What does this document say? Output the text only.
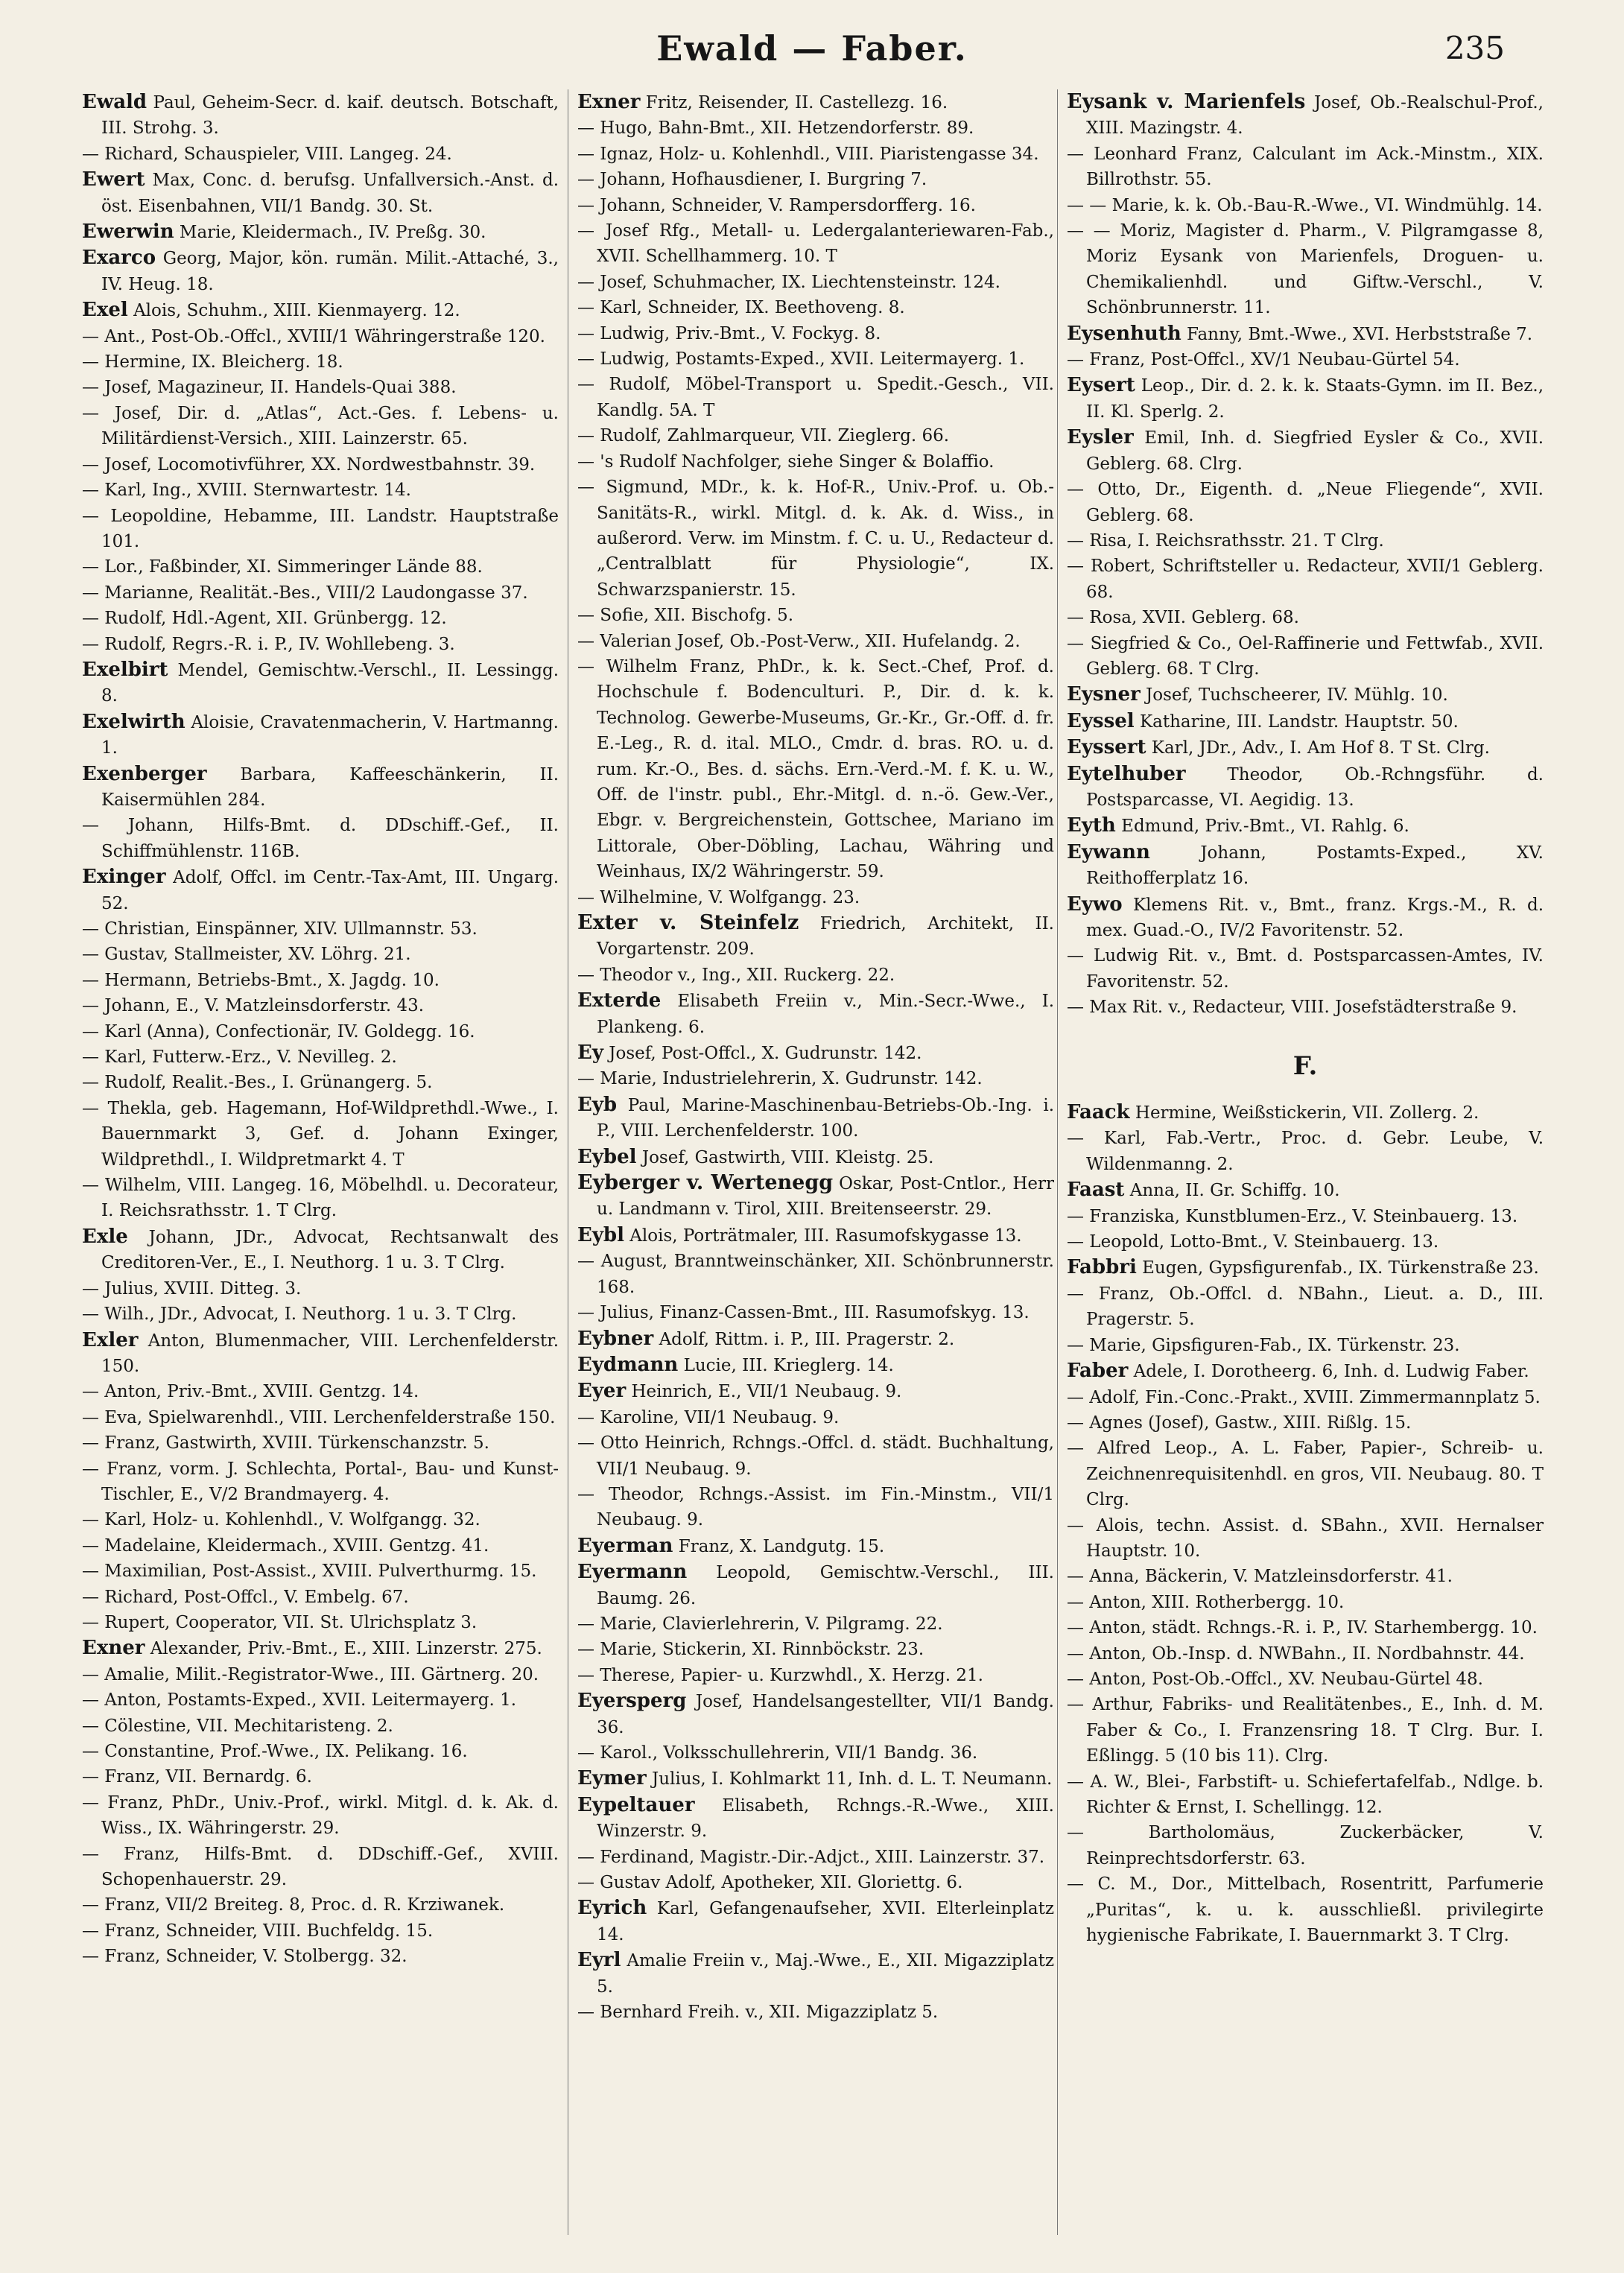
Ewald — Faber.	235

Ewald Paul, Geheim-Secr. d. kaif. deutsch. Botschaft, III. Strohg. 3.

— Richard, Schauspieler, VIII. Langeg. 24.

Ewert Max, Conc. d. berufsg. Unfallversich.-Anst. d. öst. Eisenbahnen, VII/1 Bandg. 30. St.

Ewerwin Marie, Kleidermach., IV. Preßg. 30.

Exarco Georg, Major, kön. rumän. Milit.-Attaché, 3., IV. Heug. 18.

Exel Alois, Schuhm., XIII. Kienmayerg. 12.

— Ant., Post-Ob.-Offcl., XVIII/1 Währingerstraße 120.

— Hermine, IX. Bleicherg. 18.

— Josef, Magazineur, II. Handels-Quai 388.

— Josef, Dir. d. „Atlas“, Act.-Ges. f. Lebens- u. Militärdienst-Versich., XIII. Lainzerstr. 65.

— Josef, Locomotivführer, XX. Nordwestbahnstr. 39.

— Karl, Ing., XVIII. Sternwartestr. 14.

— Leopoldine, Hebamme, III. Landstr. Hauptstraße 101.

— Lor., Faßbinder, XI. Simmeringer Lände 88.

— Marianne, Realität.-Bes., VIII/2 Laudongasse 37.

— Rudolf, Hdl.-Agent, XII. Grünbergg. 12.

— Rudolf, Regrs.-R. i. P., IV. Wohllebeng. 3.

Exelbirt Mendel, Gemischtw.-Verschl., II. Lessingg. 8.

Exelwirth Aloisie, Cravatenmacherin, V. Hartmanng. 1.

Exenberger Barbara, Kaffeeschänkerin, II. Kaisermühlen 284.

— Johann, Hilfs-Bmt. d. DDschiff.-Gef., II. Schiffmühlenstr. 116B.

Exinger Adolf, Offcl. im Centr.-Tax-Amt, III. Ungarg. 52.

— Christian, Einspänner, XIV. Ullmannstr. 53.

— Gustav, Stallmeister, XV. Löhrg. 21.

— Hermann, Betriebs-Bmt., X. Jagdg. 10.

— Johann, E., V. Matzleinsdorferstr. 43.

— Karl (Anna), Confectionär, IV. Goldegg. 16.

— Karl, Futterw.-Erz., V. Nevilleg. 2.

— Rudolf, Realit.-Bes., I. Grünangerg. 5.

— Thekla, geb. Hagemann, Hof-Wildprethdl.-Wwe., I. Bauernmarkt 3, Gef. d. Johann Exinger, Wildprethdl., I. Wildpretmarkt 4. T

— Wilhelm, VIII. Langeg. 16, Möbelhdl. u. Decorateur, I. Reichsrathsstr. 1. T Clrg.

Exle Johann, JDr., Advocat, Rechtsanwalt des Creditoren-Ver., E., I. Neuthorg. 1 u. 3. T Clrg.

— Julius, XVIII. Ditteg. 3.

— Wilh., JDr., Advocat, I. Neuthorg. 1 u. 3. T Clrg.

Exler Anton, Blumenmacher, VIII. Lerchenfelderstr. 150.

— Anton, Priv.-Bmt., XVIII. Gentzg. 14.

— Eva, Spielwarenhdl., VIII. Lerchenfelderstraße 150.

— Franz, Gastwirth, XVIII. Türkenschanzstr. 5.

— Franz, vorm. J. Schlechta, Portal-, Bau- und Kunst-Tischler, E., V/2 Brandmayerg. 4.

— Karl, Holz- u. Kohlenhdl., V. Wolfgangg. 32.

— Madelaine, Kleidermach., XVIII. Gentzg. 41.

— Maximilian, Post-Assist., XVIII. Pulverthurmg. 15.

— Richard, Post-Offcl., V. Embelg. 67.

— Rupert, Cooperator, VII. St. Ulrichsplatz 3.

Exner Alexander, Priv.-Bmt., E., XIII. Linzerstr. 275.

— Amalie, Milit.-Registrator-Wwe., III. Gärtnerg. 20.

— Anton, Postamts-Exped., XVII. Leitermayerg. 1.

— Cölestine, VII. Mechitaristeng. 2.

— Constantine, Prof.-Wwe., IX. Pelikang. 16.

— Franz, VII. Bernardg. 6.

— Franz, PhDr., Univ.-Prof., wirkl. Mitgl. d. k. Ak. d. Wiss., IX. Währingerstr. 29.

— Franz, Hilfs-Bmt. d. DDschiff.-Gef., XVIII. Schopenhauerstr. 29.

— Franz, VII/2 Breiteg. 8, Proc. d. R. Krziwanek.

— Franz, Schneider, VIII. Buchfeldg. 15.

— Franz, Schneider, V. Stolbergg. 32.

Exner Fritz, Reisender, II. Castellezg. 16.

— Hugo, Bahn-Bmt., XII. Hetzendorferstr. 89.

— Ignaz, Holz- u. Kohlenhdl., VIII. Piaristengasse 34.

— Johann, Hofhausdiener, I. Burgring 7.

— Johann, Schneider, V. Rampersdorfferg. 16.

— Josef Rfg., Metall- u. Ledergalanteriewaren-Fab., XVII. Schellhammerg. 10. T

— Josef, Schuhmacher, IX. Liechtensteinstr. 124.

— Karl, Schneider, IX. Beethoveng. 8.

— Ludwig, Priv.-Bmt., V. Fockyg. 8.

— Ludwig, Postamts-Exped., XVII. Leitermayerg. 1.

— Rudolf, Möbel-Transport u. Spedit.-Gesch., VII. Kandlg. 5A. T

— Rudolf, Zahlmarqueur, VII. Zieglerg. 66.

— 's Rudolf Nachfolger, siehe Singer & Bolaffio.

— Sigmund, MDr., k. k. Hof-R., Univ.-Prof. u. Ob.-Sanitäts-R., wirkl. Mitgl. d. k. Ak. d. Wiss., in außerord. Verw. im Minstm. f. C. u. U., Redacteur d. „Centralblatt für Physiologie“, IX. Schwarzspanierstr. 15.

— Sofie, XII. Bischofg. 5.

— Valerian Josef, Ob.-Post-Verw., XII. Hufelandg. 2.

— Wilhelm Franz, PhDr., k. k. Sect.-Chef, Prof. d. Hochschule f. Bodenculturi. P., Dir. d. k. k. Technolog. Gewerbe-Museums, Gr.-Kr., Gr.-Off. d. fr. E.-Leg., R. d. ital. MLO., Cmdr. d. bras. RO. u. d. rum. Kr.-O., Bes. d. sächs. Ern.-Verd.-M. f. K. u. W., Off. de l'instr. publ., Ehr.-Mitgl. d. n.-ö. Gew.-Ver., Ebgr. v. Bergreichenstein, Gottschee, Mariano im Littorale, Ober-Döbling, Lachau, Währing und Weinhaus, IX/2 Währingerstr. 59.

— Wilhelmine, V. Wolfgangg. 23.

Exter v. Steinfelz Friedrich, Architekt, II. Vorgartenstr. 209.

— Theodor v., Ing., XII. Ruckerg. 22.

Exterde Elisabeth Freiin v., Min.-Secr.-Wwe., I. Plankeng. 6.

Ey Josef, Post-Offcl., X. Gudrunstr. 142.

— Marie, Industrielehrerin, X. Gudrunstr. 142.

Eyb Paul, Marine-Maschinenbau-Betriebs-Ob.-Ing. i. P., VIII. Lerchenfelderstr. 100.

Eybel Josef, Gastwirth, VIII. Kleistg. 25.

Eyberger v. Wertenegg Oskar, Post-Cntlor., Herr u. Landmann v. Tirol, XIII. Breitenseerstr. 29.

Eybl Alois, Porträtmaler, III. Rasumofskygasse 13.

— August, Branntweinschänker, XII. Schönbrunnerstr. 168.

— Julius, Finanz-Cassen-Bmt., III. Rasumofskyg. 13.

Eybner Adolf, Rittm. i. P., III. Pragerstr. 2.

Eydmann Lucie, III. Krieglerg. 14.

Eyer Heinrich, E., VII/1 Neubaug. 9.

— Karoline, VII/1 Neubaug. 9.

— Otto Heinrich, Rchngs.-Offcl. d. städt. Buchhaltung, VII/1 Neubaug. 9.

— Theodor, Rchngs.-Assist. im Fin.-Minstm., VII/1 Neubaug. 9.

Eyerman Franz, X. Landgutg. 15.

Eyermann Leopold, Gemischtw.-Verschl., III. Baumg. 26.

— Marie, Clavierlehrerin, V. Pilgramg. 22.

— Marie, Stickerin, XI. Rinnböckstr. 23.

— Therese, Papier- u. Kurzwhdl., X. Herzg. 21.

Eyersperg Josef, Handelsangestellter, VII/1 Bandg. 36.

— Karol., Volksschullehrerin, VII/1 Bandg. 36.

Eymer Julius, I. Kohlmarkt 11, Inh. d. L. T. Neumann.

Eypeltauer Elisabeth, Rchngs.-R.-Wwe., XIII. Winzerstr. 9.

— Ferdinand, Magistr.-Dir.-Adjct., XIII. Lainzerstr. 37.

— Gustav Adolf, Apotheker, XII. Gloriettg. 6.

Eyrich Karl, Gefangenaufseher, XVII. Elterleinplatz 14.

Eyrl Amalie Freiin v., Maj.-Wwe., E., XII. Migazziplatz 5.

— Bernhard Freih. v., XII. Migazziplatz 5.

Eysank v. Marienfels Josef, Ob.-Realschul-Prof., XIII. Mazingstr. 4.

— Leonhard Franz, Calculant im Ack.-Minstm., XIX. Billrothstr. 55.

— — Marie, k. k. Ob.-Bau-R.-Wwe., VI. Windmühlg. 14.

— — Moriz, Magister d. Pharm., V. Pilgramgasse 8, Moriz Eysank von Marienfels, Droguen- u. Chemikalienhdl. und Giftw.-Verschl., V. Schönbrunnerstr. 11.

Eysenhuth Fanny, Bmt.-Wwe., XVI. Herbststraße 7.

— Franz, Post-Offcl., XV/1 Neubau-Gürtel 54.

Eysert Leop., Dir. d. 2. k. k. Staats-Gymn. im II. Bez., II. Kl. Sperlg. 2.

Eysler Emil, Inh. d. Siegfried Eysler & Co., XVII. Geblerg. 68. Clrg.

— Otto, Dr., Eigenth. d. „Neue Fliegende“, XVII. Geblerg. 68.

— Risa, I. Reichsrathsstr. 21. T Clrg.

— Robert, Schriftsteller u. Redacteur, XVII/1 Geblerg. 68.

— Rosa, XVII. Geblerg. 68.

— Siegfried & Co., Oel-Raffinerie und Fettwfab., XVII. Geblerg. 68. T Clrg.

Eysner Josef, Tuchscheerer, IV. Mühlg. 10.

Eyssel Katharine, III. Landstr. Hauptstr. 50.

Eyssert Karl, JDr., Adv., I. Am Hof 8. T St. Clrg.

Eytelhuber Theodor, Ob.-Rchngsführ. d. Postsparcasse, VI. Aegidig. 13.

Eyth Edmund, Priv.-Bmt., VI. Rahlg. 6.

Eywann	Johann, Postamts-Exped., XV. Reithofferplatz 16.

Eywo Klemens Rit. v., Bmt., franz. Krgs.-M., R. d. mex. Guad.-O., IV/2 Favoritenstr. 52.

— Ludwig Rit. v., Bmt. d. Postsparcassen-Amtes, IV. Favoritenstr. 52.

— Max Rit. v., Redacteur, VIII. Josefstädterstraße 9.

F.

Faack Hermine, Weißstickerin, VII. Zollerg. 2.

— Karl, Fab.-Vertr., Proc. d. Gebr. Leube, V. Wildenmanng. 2.

Faast Anna, II. Gr. Schiffg. 10.

— Franziska, Kunstblumen-Erz., V. Steinbauerg. 13.

— Leopold, Lotto-Bmt., V. Steinbauerg. 13.

Fabbri Eugen, Gypsfigurenfab., IX. Türkenstraße 23.

— Franz, Ob.-Offcl. d. NBahn., Lieut. a. D., III. Pragerstr. 5.

— Marie, Gipsfiguren-Fab., IX. Türkenstr. 23.

Faber Adele, I. Dorotheerg. 6, Inh. d. Ludwig Faber.

— Adolf, Fin.-Conc.-Prakt., XVIII. Zimmermannplatz 5.

— Agnes (Josef), Gastw., XIII. Rißlg. 15.

— Alfred Leop., A. L. Faber, Papier-, Schreib- u. Zeichnenrequisitenhdl. en gros, VII. Neubaug. 80. T Clrg.

— Alois, techn. Assist. d. SBahn., XVII. Hernalser Hauptstr. 10.

— Anna, Bäckerin, V. Matzleinsdorferstr. 41.

— Anton, XIII. Rotherbergg. 10.

— Anton, städt. Rchngs.-R. i. P., IV. Starhembergg. 10.

— Anton, Ob.-Insp. d. NWBahn., II. Nordbahnstr. 44.

— Anton, Post-Ob.-Offcl., XV. Neubau-Gürtel 48.

— Arthur, Fabriks- und Realitätenbes., E., Inh. d. M. Faber & Co., I. Franzensring 18. T Clrg. Bur. I. Eßlingg. 5 (10 bis 11). Clrg.

— A. W., Blei-, Farbstift- u. Schiefertafelfab., Ndlge. b. Richter & Ernst, I. Schellingg. 12.

— Bartholomäus, Zuckerbäcker, V. Reinprechtsdorferstr. 63.

— C. M., Dor., Mittelbach, Rosentritt, Parfumerie „Puritas“, k. u. k. ausschließl. privilegirte hygienische Fabrikate, I. Bauernmarkt 3. T Clrg.
